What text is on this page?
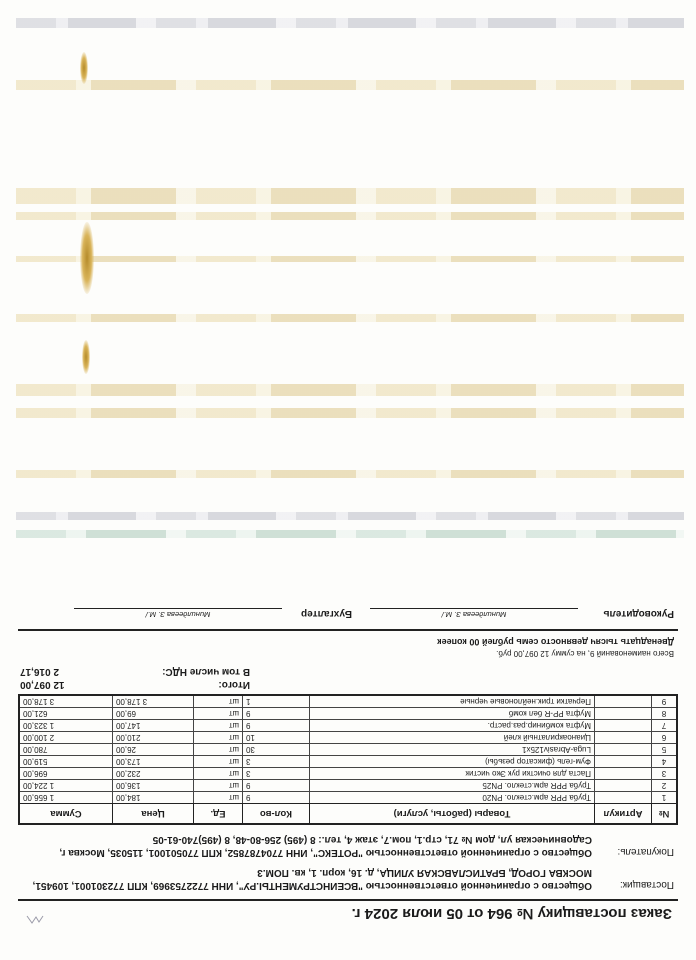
Заказ поставщику № 964 от 05 июля 2024 г.
Поставщик:
Общество с ограниченной ответственностью "ВСЕИНСТРУМЕНТЫ.РУ", ИНН 7722753969, КПП 772301001, 109451, МОСКВА ГОРОД, БРАТИСЛАВСКАЯ УЛИЦА, д. 16, корп. 1, кв. ПОМ.3
Покупатель:
Общество с ограниченной ответственностью "РОТЕКС", ИНН 7704787852, КПП 770501001, 115035, Москва г, Садовническая ул, дом № 71, стр.1, пом.7, этаж 4, тел.: 8 (495) 256-80-48, 8 (495)740-61-05
№	Артикул	Товары (работы, услуги)	Кол-во	Ед.	Цена	Сумма
1		Труба PPR арм.стекло. PN20	9	шт	184,00	1 656,00
2		Труба PPR арм.стекло. PN25	9	шт	136,00	1 224,00
3		Паста для очистки рук Эко чистик	3	шт	232,00	696,00
4		Фум-гель (фиксатор резьбы)	3	шт	173,00	519,00
5		Luga-Abrasiv125x1	30	шт	26,00	780,00
6		Цианоакрилатный клей	10	шт	210,00	2 100,00
7		Муфта комбинир.раз.растр.	9	шт	147,00	1 323,00
8		Муфта PP-R бел комб	9	шт	69,00	621,00
9		Перчатки трик.нейлоновые черные	1	шт	3 178,00	3 178,00
Итого:
12 097,00
В том числе НДС:
2 016,17
Всего наименований 9, на сумму 12 097,00 руб.
Двенадцать тысяч девяносто семь рублей 00 копеек
Руководитель
Минилдеева З. М./
Бухгалтер
Минилдеева З. М./
